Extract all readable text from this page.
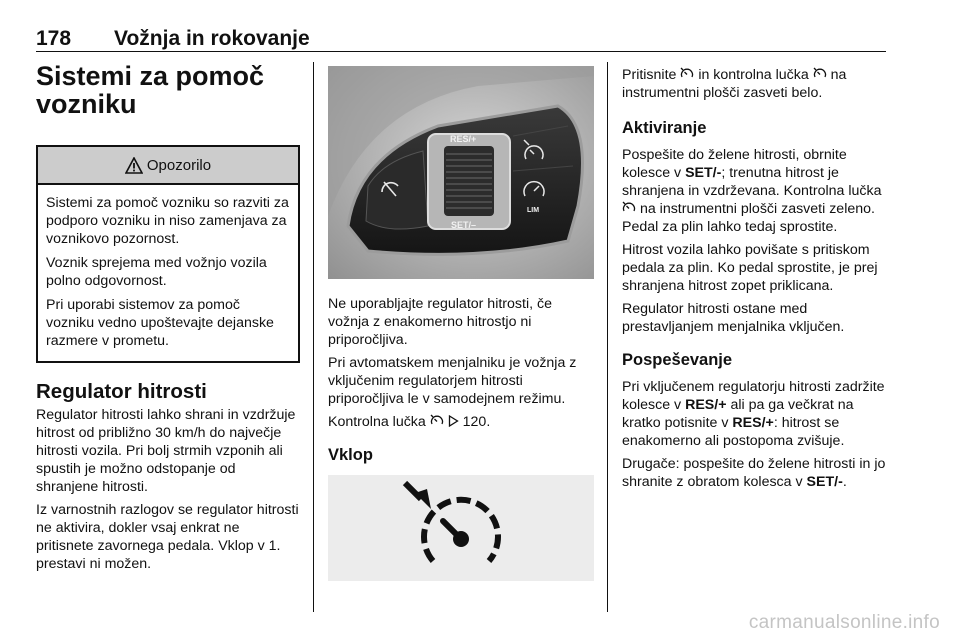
178 Vožnja in rokovanje
Sistemi za pomoč vozniku
Opozorilo

Sistemi za pomoč vozniku so razviti za podporo vozniku in niso zamenjava za voznikovo pozornost.

Voznik sprejema med vožnjo vozila polno odgovornost.

Pri uporabi sistemov za pomoč vozniku vedno upoštevajte dejanske razmere v prometu.

Regulator hitrosti

Regulator hitrosti lahko shrani in vzdržuje hitrost od približno 30 km/h do največje hitrosti vozila. Pri bolj strmih vzponih ali spustih je možno odstopanje od shranjene hitrosti.

Iz varnostnih razlogov se regulator hitrosti ne aktivira, dokler vsaj enkrat ne pritisnete zavornega pedala. Vklop v 1. prestavi ni možen.

RES/+
SET/–
LIM

Ne uporabljajte regulator hitrosti, če vožnja z enakomerno hitrostjo ni priporočljiva.

Pri avtomatskem menjalniku je vožnja z vključenim regulatorjem hitrosti priporočljiva le v samodejnem režimu.

Kontrolna lučka	120.

Vklop

Pritisnite in kontrolna lučka na instrumentni plošči zasveti belo.

Aktiviranje

Pospešite do želene hitrosti, obrnite kolesce v SET/-; trenutna hitrost je shranjena in vzdrževana. Kontrolna lučka  na instrumentni plošči zasveti zeleno. Pedal za plin lahko tedaj sprostite.

Hitrost vozila lahko povišate s pritiskom pedala za plin. Ko pedal sprostite, je prej shranjena hitrost zopet priklicana.

Regulator hitrosti ostane med prestavljanjem menjalnika vključen.

Pospeševanje

Pri vključenem regulatorju hitrosti zadržite kolesce v RES/+ ali pa ga večkrat na kratko potisnite v RES/+: hitrost se enakomerno ali postopoma zvišuje.

Drugače: pospešite do želene hitrosti in jo shranite z obratom kolesca v SET/-.

carmanualsonline.info
